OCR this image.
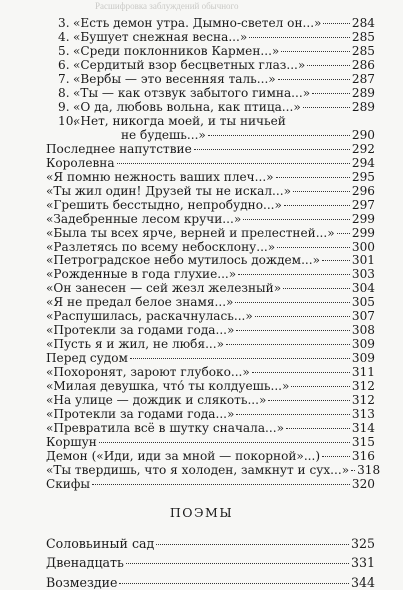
Расшифровка заблуждений обычного
3. «Есть демон утра. Дымно-светел он...»	284
4. «Бушует снежная весна...»	285
5. «Среди поклонников Кармен...»	285
6. «Сердитый взор бесцветных глаз...»	286
7. «Вербы — это весенняя таль...»	287
8. «Ты — как отзвук забытого гимна...»	289
9. «О да, любовь вольна, как птица...»	289
10.«Нет, никогда моей, и ты ничьей
не будешь...»	290
Последнее напутствие	292
Королевна	294
«Я помню нежность ваших плеч...»	295
«Ты жил один! Друзей ты не искал...»	296
«Грешить бесстыдно, непробудно...»	297
«Задебренные лесом кручи...»	299
«Была ты всех ярче, верней и прелестней...» 299
«Разлетясь по всему небосклону...»	300
«Петроградское небо мутилось дождем...»	301
«Рожденные в года глухие...»	303
«Он занесен — сей жезл железный»	304
«Я не предал белое знамя...»	305
«Распушилась, раскачнулась...»	307
«Протекли за годами года...»	308
«Пусть я и жил, не любя...»	309
Перед судом	309
«Похоронят, зароют глубоко...»	311
«Милая девушка, что́ ты колдуешь...»	312
«На улице — дождик и слякоть...»	312
«Протекли за годами года...»	313
«Превратила всё в шутку сначала...»	314
Коршун	315
Демон («Иди, иди за мной — покорной»...)	316
«Ты твердишь, что я холоден, замкнут и сух...» 318
Скифы	320
ПОЭМЫ
Соловьиный сад	325
Двенадцать	331
Возмездие	344
